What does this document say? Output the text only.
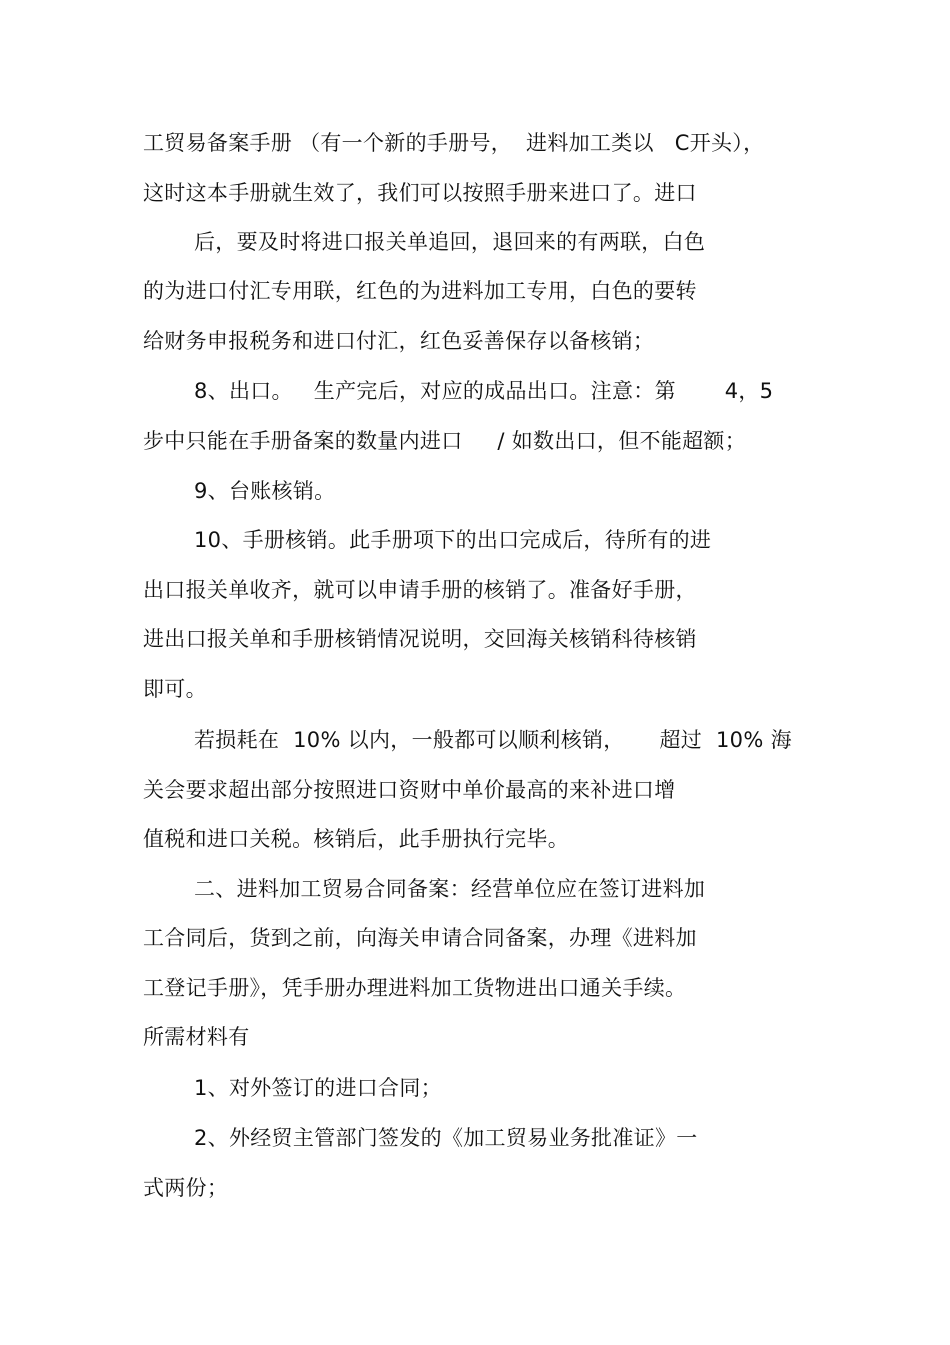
工贸易备案手册 （有一个新的手册号，  进料加工类以   C开头），
这时这本手册就生效了，我们可以按照手册来进口了。进口
后，要及时将进口报关单追回，退回来的有两联，白色
的为进口付汇专用联，红色的为进料加工专用，白色的要转
给财务申报税务和进口付汇，红色妥善保存以备核销；
8、出口。   生产完后，对应的成品出口。注意：第       4，5
步中只能在手册备案的数量内进口     / 如数出口，但不能超额；
9、台账核销。
10、手册核销。此手册项下的出口完成后，待所有的进
出口报关单收齐，就可以申请手册的核销了。准备好手册，
进出口报关单和手册核销情况说明，交回海关核销科待核销
即可。
若损耗在  10% 以内，一般都可以顺利核销，     超过  10% 海
关会要求超出部分按照进口资财中单价最高的来补进口增
值税和进口关税。核销后，此手册执行完毕。
二、进料加工贸易合同备案：经营单位应在签订进料加
工合同后，货到之前，向海关申请合同备案，办理《进料加
工登记手册》，凭手册办理进料加工货物进出口通关手续。
所需材料有
1、对外签订的进口合同；
2、外经贸主管部门签发的《加工贸易业务批准证》一
式两份；
